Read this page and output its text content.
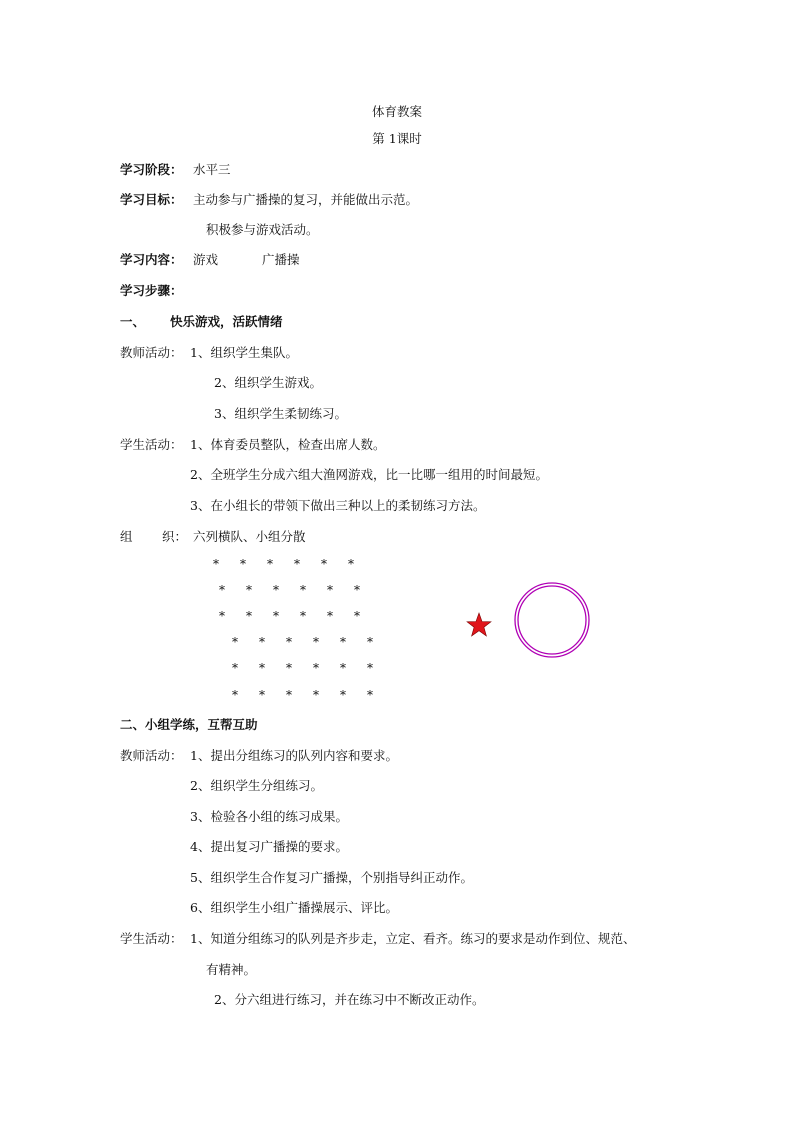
体育教案
第 1课时
学习阶段： 水平三
学习目标： 主动参与广播操的复习，并能做出示范。
积极参与游戏活动。
学习内容： 游戏	广播操
学习步骤：
一、 快乐游戏，活跃情绪
教师活动： 1、组织学生集队。
2、组织学生游戏。
3、组织学生柔韧练习。
学生活动： 1、体育委员整队，检查出席人数。
2、全班学生分成六组大渔网游戏，比一比哪一组用的时间最短。
3、在小组长的带领下做出三种以上的柔韧练习方法。
组 织： 六列横队、小组分散
* * * * * *
* * * * * *
* * * * * *
* * * * * *
* * * * * *
* * * * * *
二、小组学练，互帮互助
教师活动： 1、提出分组练习的队列内容和要求。
2、组织学生分组练习。
3、检验各小组的练习成果。
4、提出复习广播操的要求。
5、组织学生合作复习广播操，个别指导纠正动作。
6、组织学生小组广播操展示、评比。
学生活动： 1、知道分组练习的队列是齐步走，立定、看齐。练习的要求是动作到位、规范、
有精神。
2、分六组进行练习，并在练习中不断改正动作。
